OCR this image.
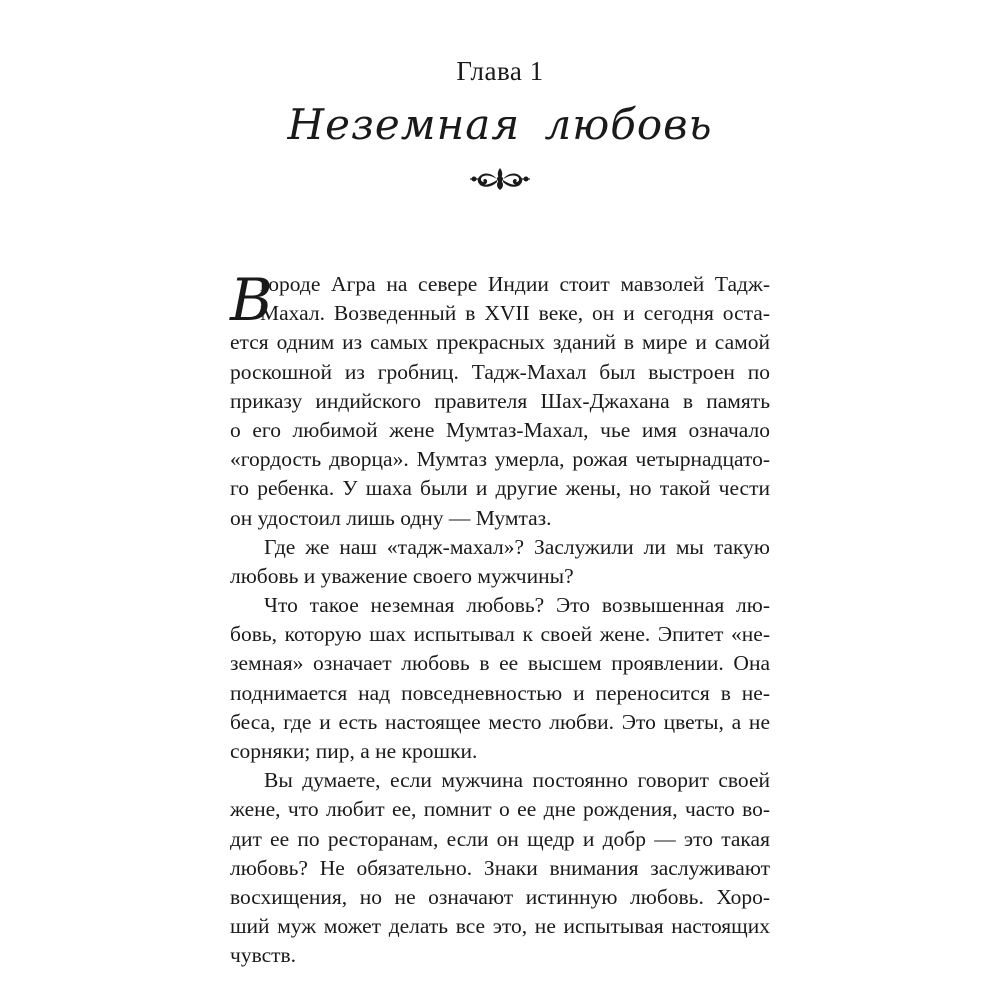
Глава 1
Неземная любовь
В
городе Агра на севере Индии стоит мавзолей Тадж-
Махал. Возведенный в XVII веке, он и сегодня оста-
ется одним из самых прекрасных зданий в мире и самой
роскошной из гробниц. Тадж-Махал был выстроен по
приказу индийского правителя Шах-Джахана в память
о его любимой жене Мумтаз-Махал, чье имя означало
«гордость дворца». Мумтаз умерла, рожая четырнадцато-
го ребенка. У шаха были и другие жены, но такой чести
он удостоил лишь одну — Мумтаз.
Где же наш «тадж-махал»? Заслужили ли мы такую
любовь и уважение своего мужчины?
Что такое неземная любовь? Это возвышенная лю-
бовь, которую шах испытывал к своей жене. Эпитет «не-
земная» означает любовь в ее высшем проявлении. Она
поднимается над повседневностью и переносится в не-
беса, где и есть настоящее место любви. Это цветы, а не
сорняки; пир, а не крошки.
Вы думаете, если мужчина постоянно говорит своей
жене, что любит ее, помнит о ее дне рождения, часто во-
дит ее по ресторанам, если он щедр и добр — это такая
любовь? Не обязательно. Знаки внимания заслуживают
восхищения, но не означают истинную любовь. Хоро-
ший муж может делать все это, не испытывая настоящих
чувств.
